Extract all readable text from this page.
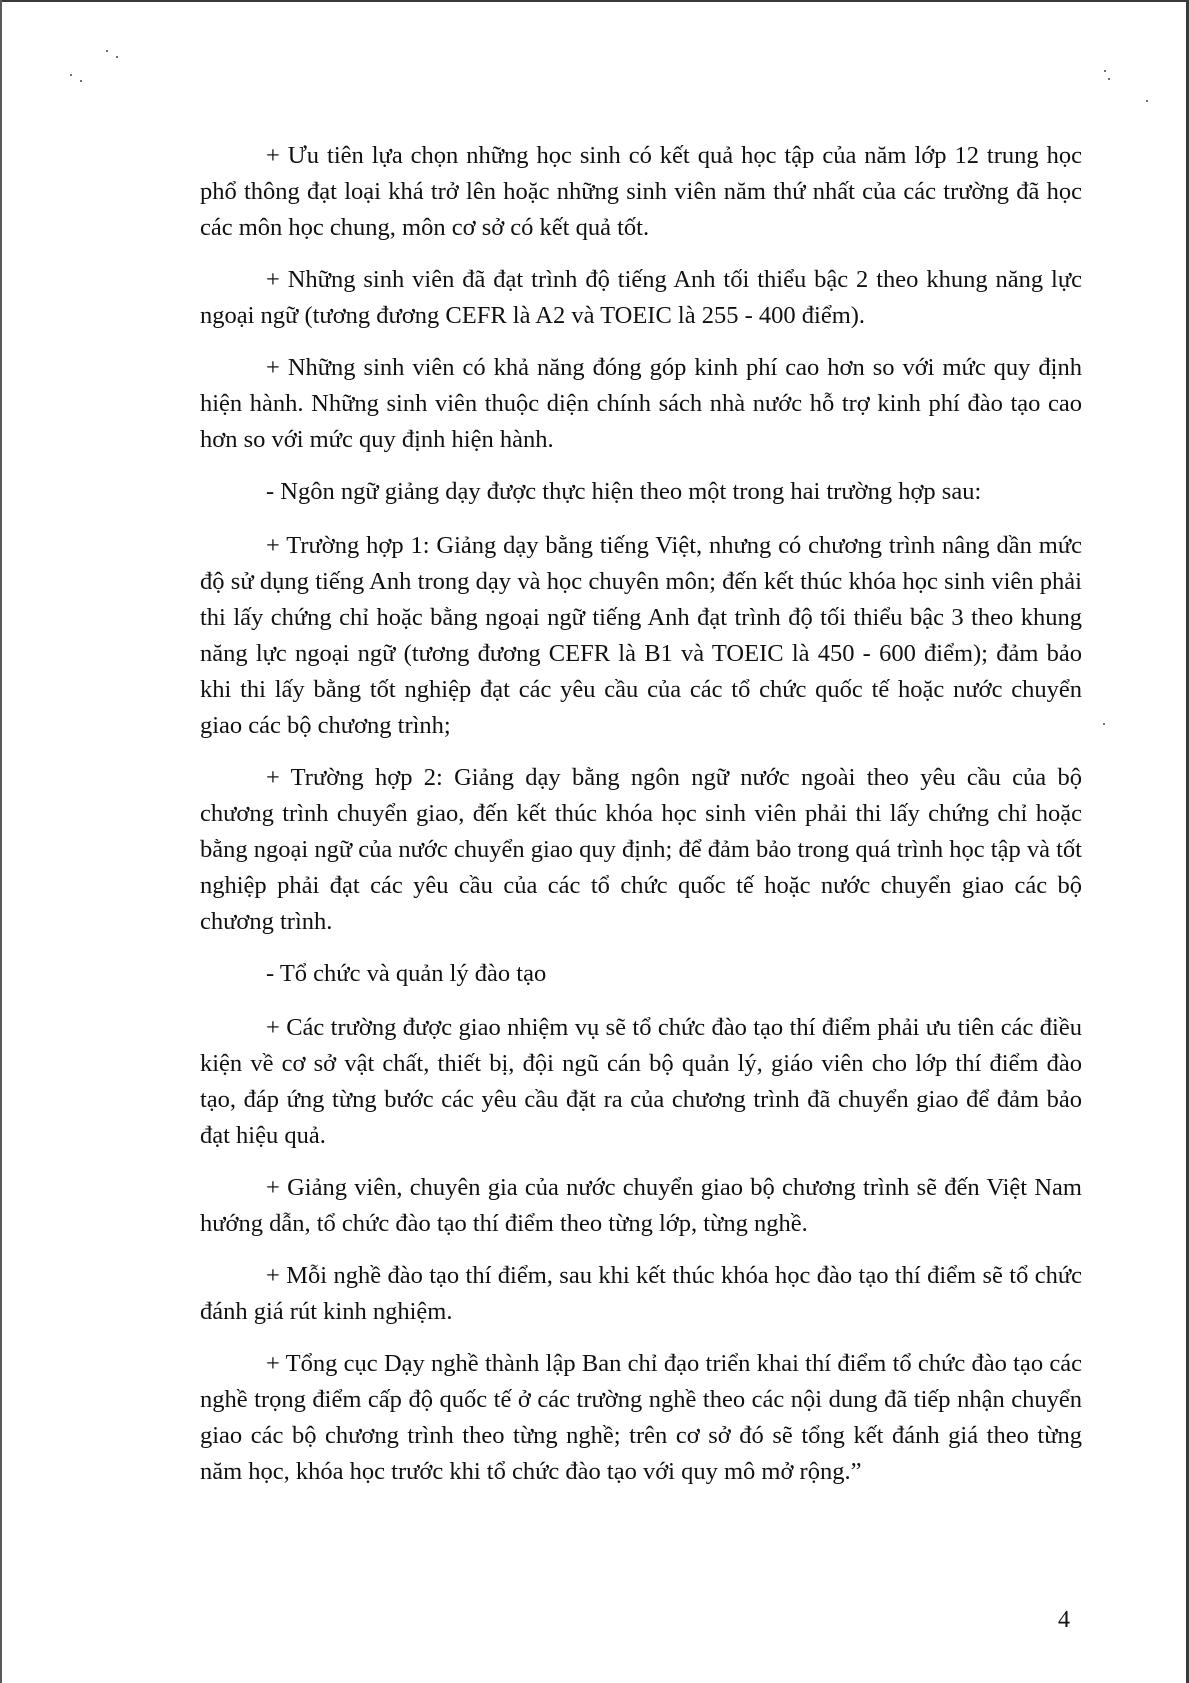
+ Ưu tiên lựa chọn những học sinh có kết quả học tập của năm lớp 12 trung học phổ thông đạt loại khá trở lên hoặc những sinh viên năm thứ nhất của các trường đã học các môn học chung, môn cơ sở có kết quả tốt.

+ Những sinh viên đã đạt trình độ tiếng Anh tối thiểu bậc 2 theo khung năng lực ngoại ngữ (tương đương CEFR là A2 và TOEIC là 255 - 400 điểm).

+ Những sinh viên có khả năng đóng góp kinh phí cao hơn so với mức quy định hiện hành. Những sinh viên thuộc diện chính sách nhà nước hỗ trợ kinh phí đào tạo cao hơn so với mức quy định hiện hành.

- Ngôn ngữ giảng dạy được thực hiện theo một trong hai trường hợp sau:

+ Trường hợp 1: Giảng dạy bằng tiếng Việt, nhưng có chương trình nâng dần mức độ sử dụng tiếng Anh trong dạy và học chuyên môn; đến kết thúc khóa học sinh viên phải thi lấy chứng chỉ hoặc bằng ngoại ngữ tiếng Anh đạt trình độ tối thiểu bậc 3 theo khung năng lực ngoại ngữ (tương đương CEFR là B1 và TOEIC là 450 - 600 điểm); đảm bảo khi thi lấy bằng tốt nghiệp đạt các yêu cầu của các tổ chức quốc tế hoặc nước chuyển giao các bộ chương trình;

+ Trường hợp 2: Giảng dạy bằng ngôn ngữ nước ngoài theo yêu cầu của bộ chương trình chuyển giao, đến kết thúc khóa học sinh viên phải thi lấy chứng chỉ hoặc bằng ngoại ngữ của nước chuyển giao quy định; để đảm bảo trong quá trình học tập và tốt nghiệp phải đạt các yêu cầu của các tổ chức quốc tế hoặc nước chuyển giao các bộ chương trình.

- Tổ chức và quản lý đào tạo

+ Các trường được giao nhiệm vụ sẽ tổ chức đào tạo thí điểm phải ưu tiên các điều kiện về cơ sở vật chất, thiết bị, đội ngũ cán bộ quản lý, giáo viên cho lớp thí điểm đào tạo, đáp ứng từng bước các yêu cầu đặt ra của chương trình đã chuyển giao để đảm bảo đạt hiệu quả.

+ Giảng viên, chuyên gia của nước chuyển giao bộ chương trình sẽ đến Việt Nam hướng dẫn, tổ chức đào tạo thí điểm theo từng lớp, từng nghề.

+ Mỗi nghề đào tạo thí điểm, sau khi kết thúc khóa học đào tạo thí điểm sẽ tổ chức đánh giá rút kinh nghiệm.

+ Tổng cục Dạy nghề thành lập Ban chỉ đạo triển khai thí điểm tổ chức đào tạo các nghề trọng điểm cấp độ quốc tế ở các trường nghề theo các nội dung đã tiếp nhận chuyển giao các bộ chương trình theo từng nghề; trên cơ sở đó sẽ tổng kết đánh giá theo từng năm học, khóa học trước khi tổ chức đào tạo với quy mô mở rộng.”

4
